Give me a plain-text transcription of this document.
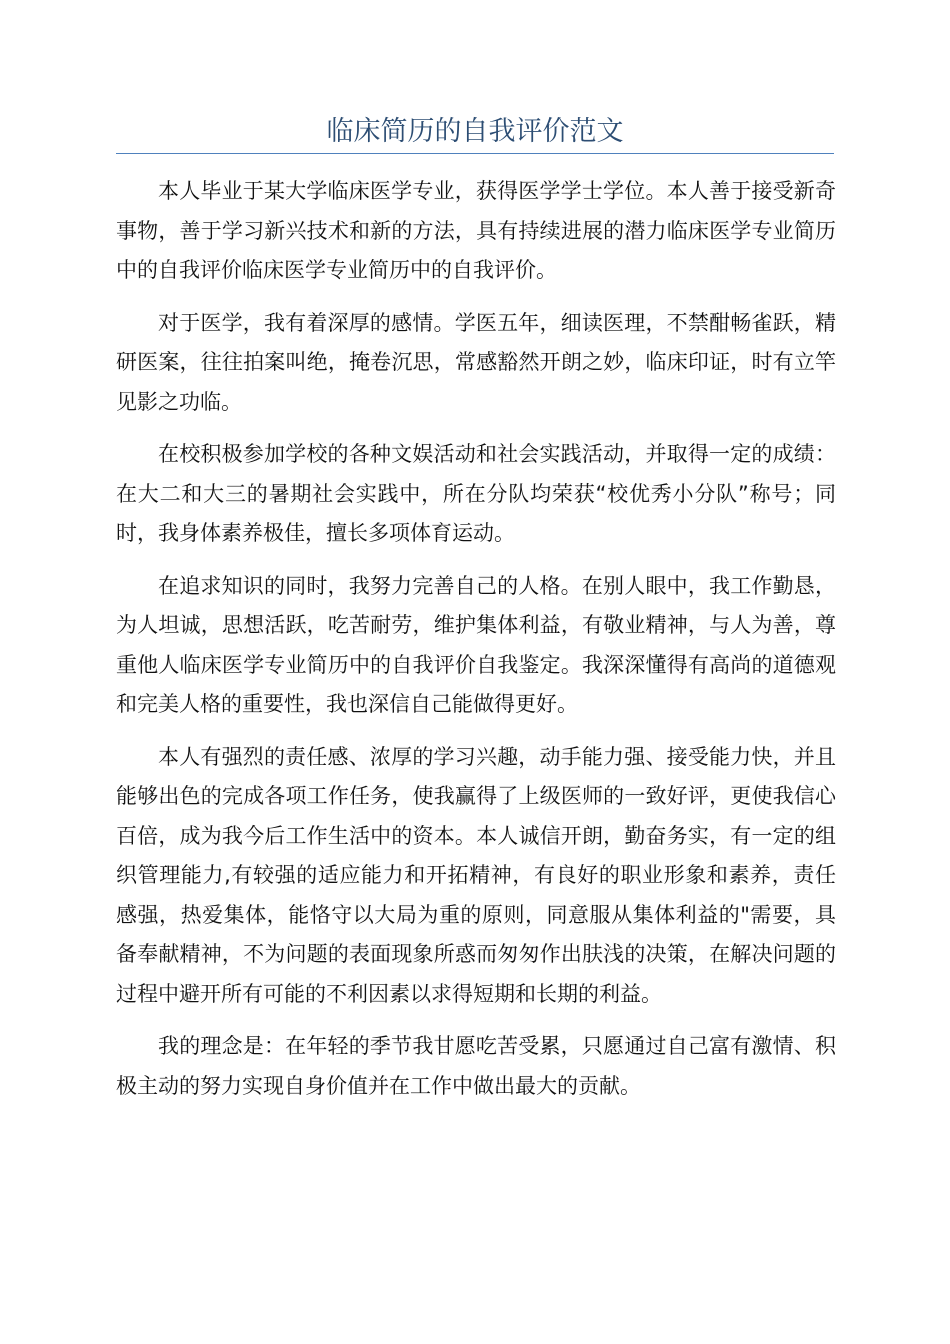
临床简历的自我评价范文

本人毕业于某大学临床医学专业，获得医学学士学位。本人善于接受新奇事物，善于学习新兴技术和新的方法，具有持续进展的潜力临床医学专业简历中的自我评价临床医学专业简历中的自我评价。

对于医学，我有着深厚的感情。学医五年，细读医理，不禁酣畅雀跃，精研医案，往往拍案叫绝，掩卷沉思，常感豁然开朗之妙，临床印证，时有立竿见影之功临。

在校积极参加学校的各种文娱活动和社会实践活动，并取得一定的成绩：在大二和大三的暑期社会实践中，所在分队均荣获“校优秀小分队”称号；同时，我身体素养极佳，擅长多项体育运动。

在追求知识的同时，我努力完善自己的人格。在别人眼中，我工作勤恳，为人坦诚，思想活跃，吃苦耐劳，维护集体利益，有敬业精神，与人为善，尊重他人临床医学专业简历中的自我评价自我鉴定。我深深懂得有高尚的道德观和完美人格的重要性，我也深信自己能做得更好。

本人有强烈的责任感、浓厚的学习兴趣，动手能力强、接受能力快，并且能够出色的完成各项工作任务，使我赢得了上级医师的一致好评，更使我信心百倍，成为我今后工作生活中的资本。本人诚信开朗，勤奋务实，有一定的组织管理能力,有较强的适应能力和开拓精神，有良好的职业形象和素养，责任感强，热爱集体，能恪守以大局为重的原则，同意服从集体利益的"需要，具备奉献精神，不为问题的表面现象所惑而匆匆作出肤浅的决策，在解决问题的过程中避开所有可能的不利因素以求得短期和长期的利益。

我的理念是：在年轻的季节我甘愿吃苦受累，只愿通过自己富有激情、积极主动的努力实现自身价值并在工作中做出最大的贡献。
